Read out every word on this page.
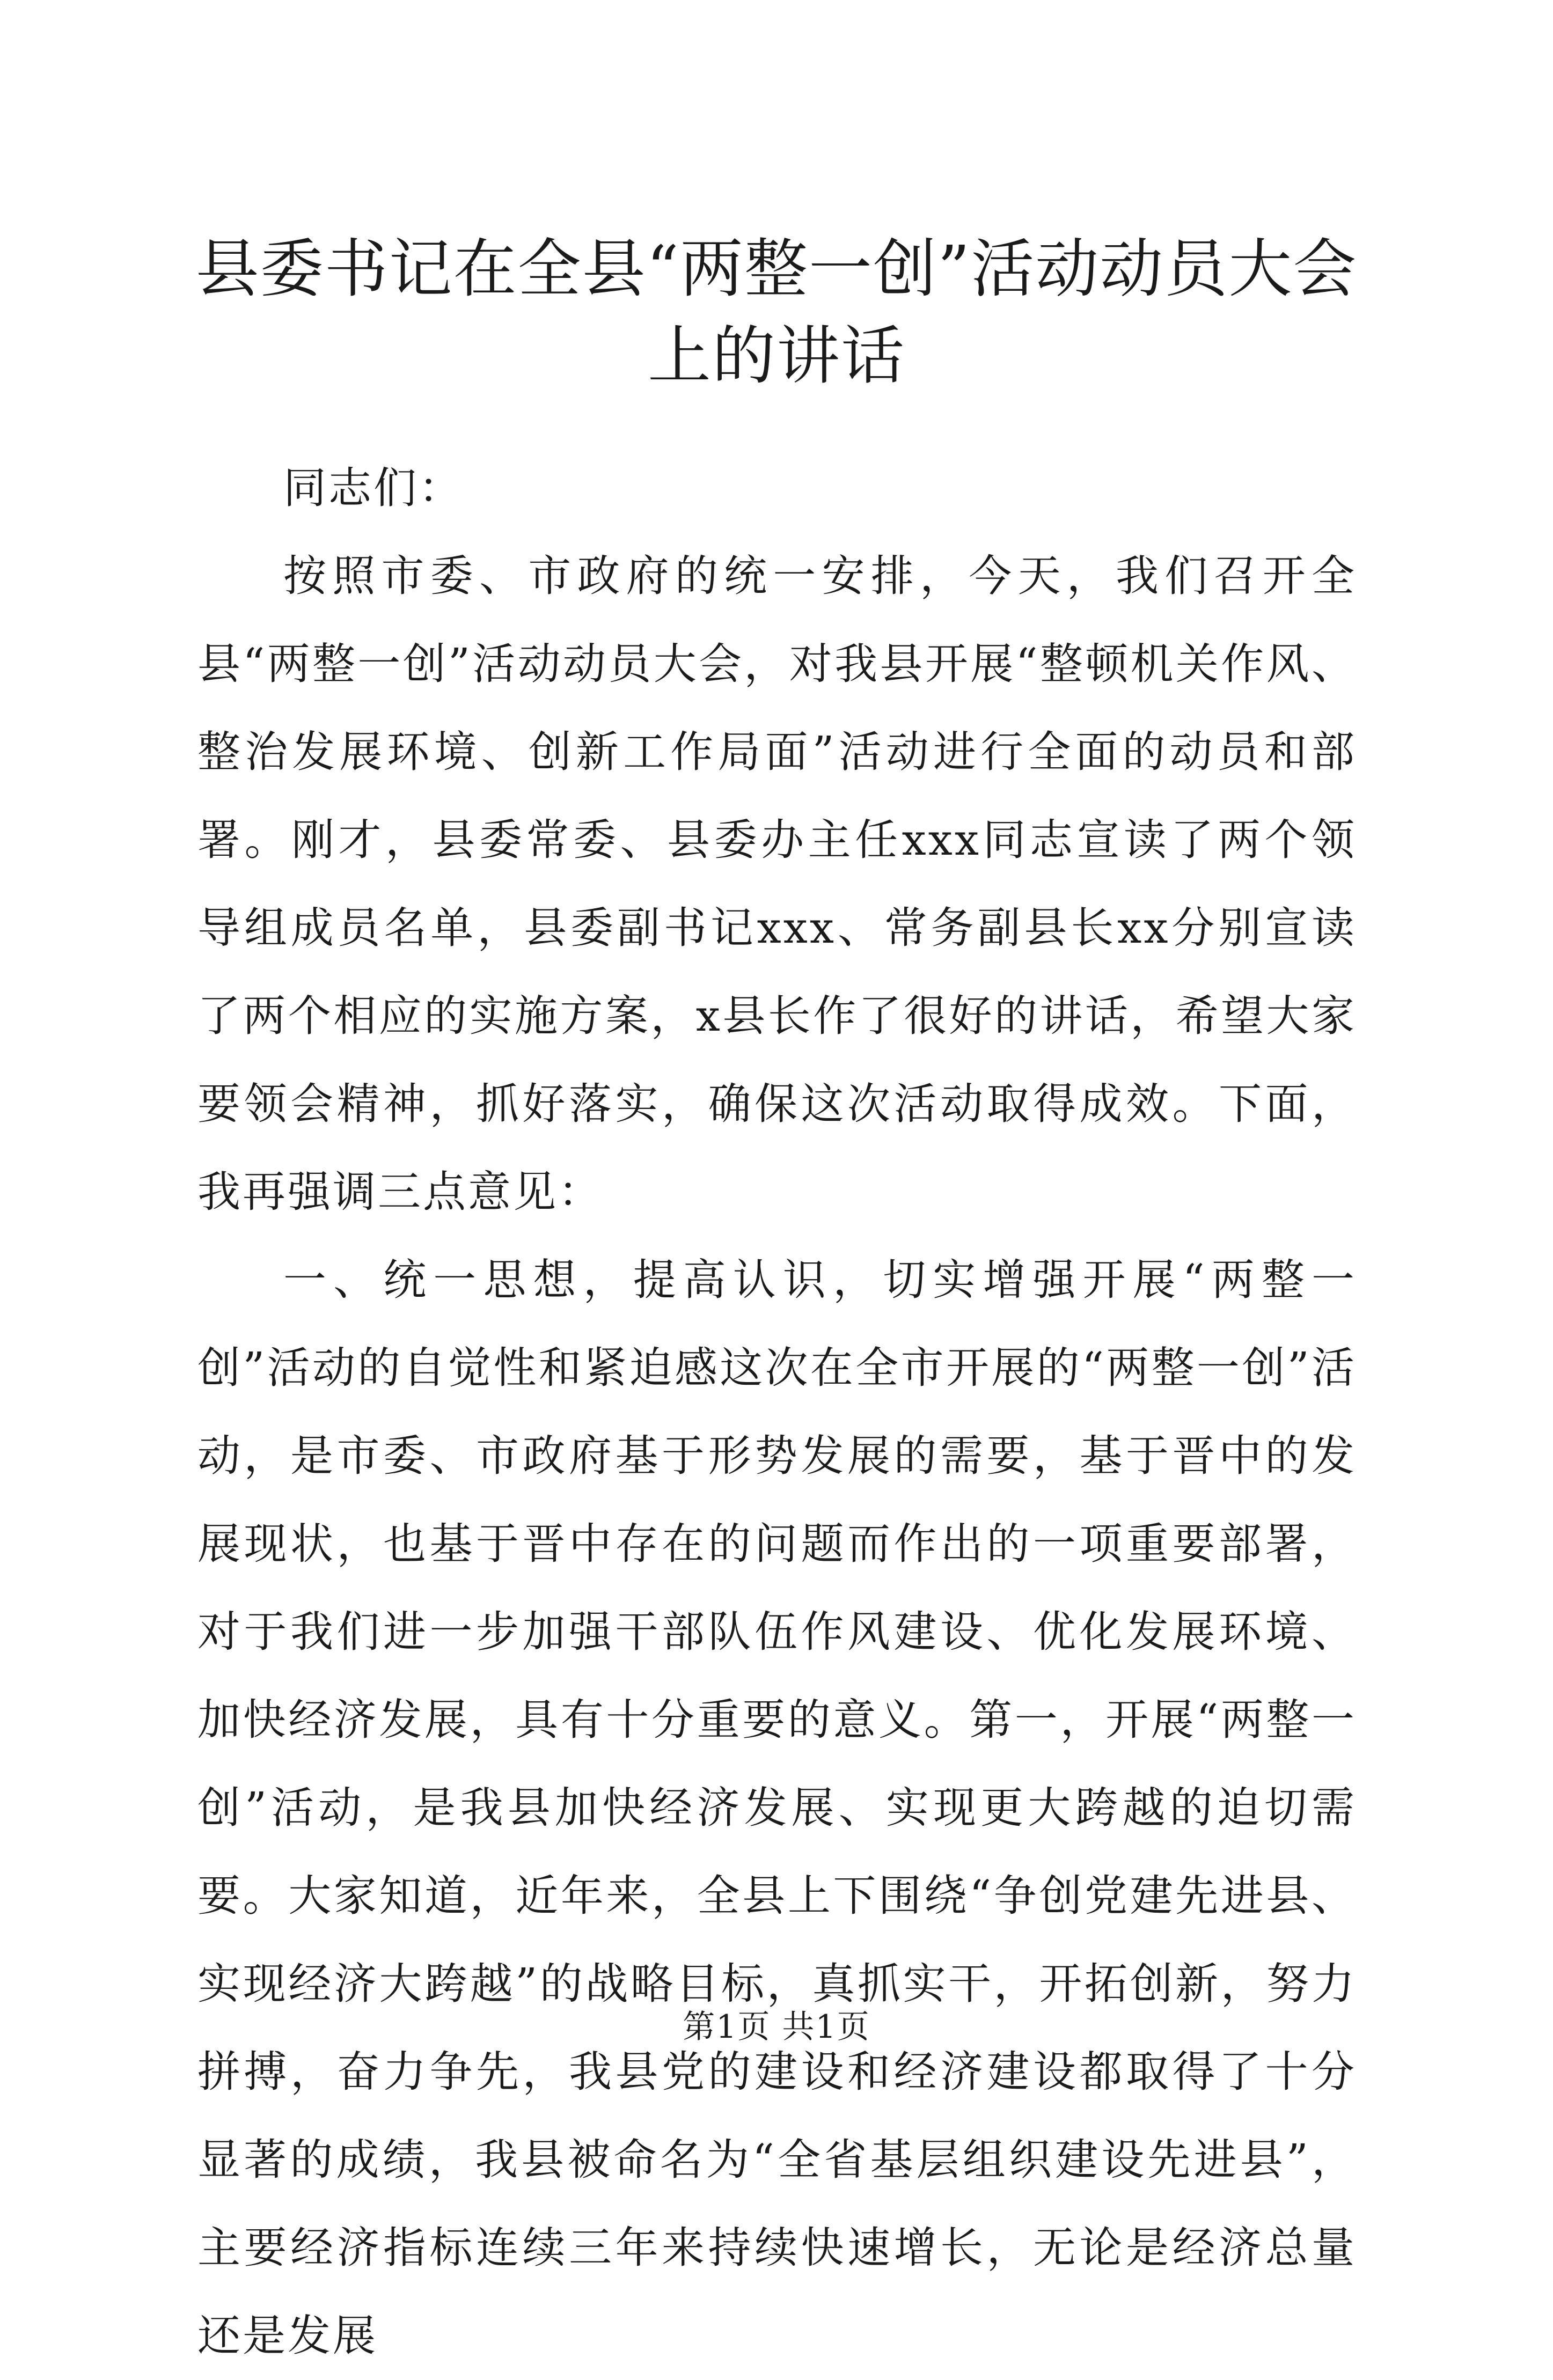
县委书记在全县“两整一创”活动动员大会上的讲话

同志们：

按照市委、市政府的统一安排，今天，我们召开全县“两整一创”活动动员大会，对我县开展“整顿机关作风、整治发展环境、创新工作局面”活动进行全面的动员和部署。刚才，县委常委、县委办主任xxx同志宣读了两个领导组成员名单，县委副书记xxx、常务副县长xx分别宣读了两个相应的实施方案，x县长作了很好的讲话，希望大家要领会精神，抓好落实，确保这次活动取得成效。下面，我再强调三点意见：

一、统一思想，提高认识，切实增强开展“两整一创”活动的自觉性和紧迫感这次在全市开展的“两整一创”活动，是市委、市政府基于形势发展的需要，基于晋中的发展现状，也基于晋中存在的问题而作出的一项重要部署，对于我们进一步加强干部队伍作风建设、优化发展环境、加快经济发展，具有十分重要的意义。第一，开展“两整一创”活动，是我县加快经济发展、实现更大跨越的迫切需要。大家知道，近年来，全县上下围绕“争创党建先进县、实现经济大跨越”的战略目标，真抓实干，开拓创新，努力拼搏，奋力争先，我县党的建设和经济建设都取得了十分显著的成绩，我县被命名为“全省基层组织建设先进县”，主要经济指标连续三年来持续快速增长，无论是经济总量还是发展

第1页 共1页
